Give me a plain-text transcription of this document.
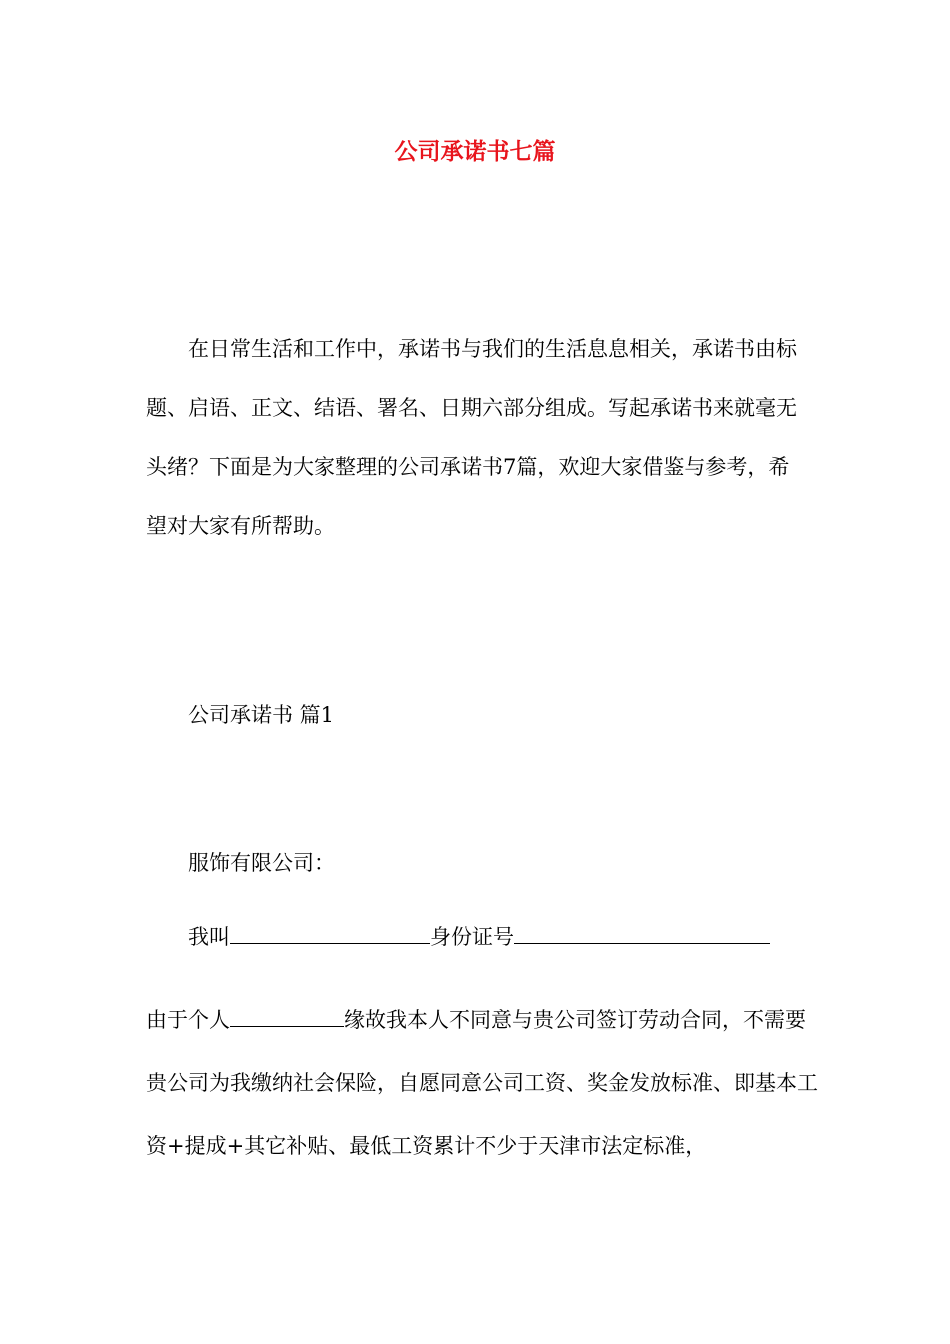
公司承诺书七篇

在日常生活和工作中，承诺书与我们的生活息息相关，承诺书由标题、启语、正文、结语、署名、日期六部分组成。写起承诺书来就毫无头绪？下面是为大家整理的公司承诺书7篇，欢迎大家借鉴与参考，希望对大家有所帮助。

公司承诺书 篇1
服饰有限公司：
我叫	身份证号

由于个人	缘故我本人不同意与贵公司签订劳动合同，不需要贵公司为我缴纳社会保险，自愿同意公司工资、奖金发放标准、即基本工资+提成+其它补贴、最低工资累计不少于天津市法定标准，
